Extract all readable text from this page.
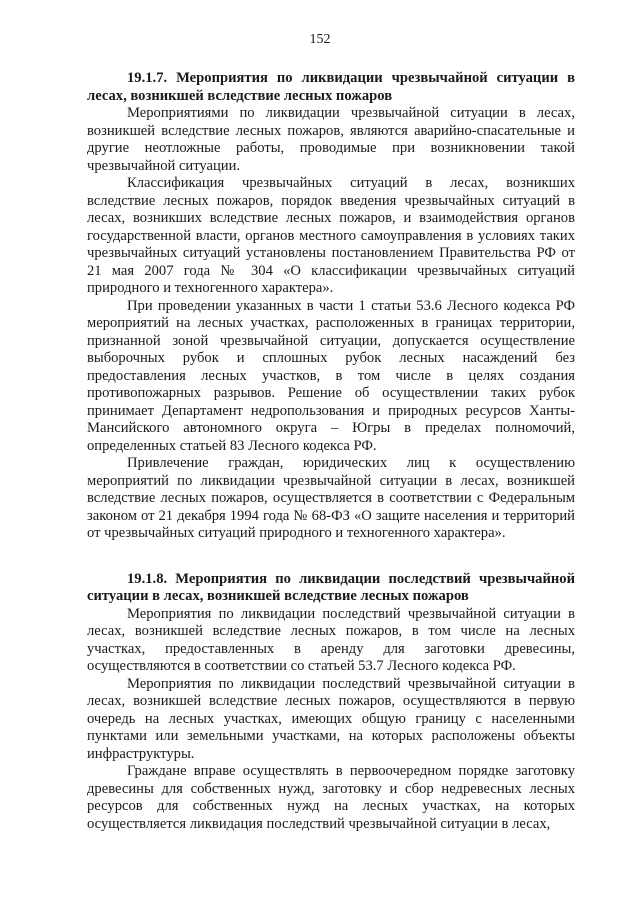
152

19.1.7. Мероприятия по ликвидации чрезвычайной ситуации в лесах, возникшей вследствие лесных пожаров

Мероприятиями по ликвидации чрезвычайной ситуации в лесах, возникшей вследствие лесных пожаров, являются аварийно-спасательные и другие неотложные работы, проводимые при возникновении такой чрезвычайной ситуации.

Классификация чрезвычайных ситуаций в лесах, возникших вследствие лесных пожаров, порядок введения чрезвычайных ситуаций в лесах, возникших вследствие лесных пожаров, и взаимодействия органов государственной власти, органов местного самоуправления в условиях таких чрезвычайных ситуаций установлены постановлением Правительства РФ от 21 мая 2007 года № 304 «О классификации чрезвычайных ситуаций природного и техногенного характера».

При проведении указанных в части 1 статьи 53.6 Лесного кодекса РФ мероприятий на лесных участках, расположенных в границах территории, признанной зоной чрезвычайной ситуации, допускается осуществление выборочных рубок и сплошных рубок лесных насаждений без предоставления лесных участков, в том числе в целях создания противопожарных разрывов. Решение об осуществлении таких рубок принимает Департамент недропользования и природных ресурсов Ханты-Мансийского автономного округа – Югры в пределах полномочий, определенных статьей 83 Лесного кодекса РФ.

Привлечение граждан, юридических лиц к осуществлению мероприятий по ликвидации чрезвычайной ситуации в лесах, возникшей вследствие лесных пожаров, осуществляется в соответствии с Федеральным законом от 21 декабря 1994 года № 68-ФЗ «О защите населения и территорий от чрезвычайных ситуаций природного и техногенного характера».

19.1.8. Мероприятия по ликвидации последствий чрезвычайной ситуации в лесах, возникшей вследствие лесных пожаров

Мероприятия по ликвидации последствий чрезвычайной ситуации в лесах, возникшей вследствие лесных пожаров, в том числе на лесных участках, предоставленных в аренду для заготовки древесины, осуществляются в соответствии со статьей 53.7 Лесного кодекса РФ.

Мероприятия по ликвидации последствий чрезвычайной ситуации в лесах, возникшей вследствие лесных пожаров, осуществляются в первую очередь на лесных участках, имеющих общую границу с населенными пунктами или земельными участками, на которых расположены объекты инфраструктуры.

Граждане вправе осуществлять в первоочередном порядке заготовку древесины для собственных нужд, заготовку и сбор недревесных лесных ресурсов для собственных нужд на лесных участках, на которых осуществляется ликвидация последствий чрезвычайной ситуации в лесах,
